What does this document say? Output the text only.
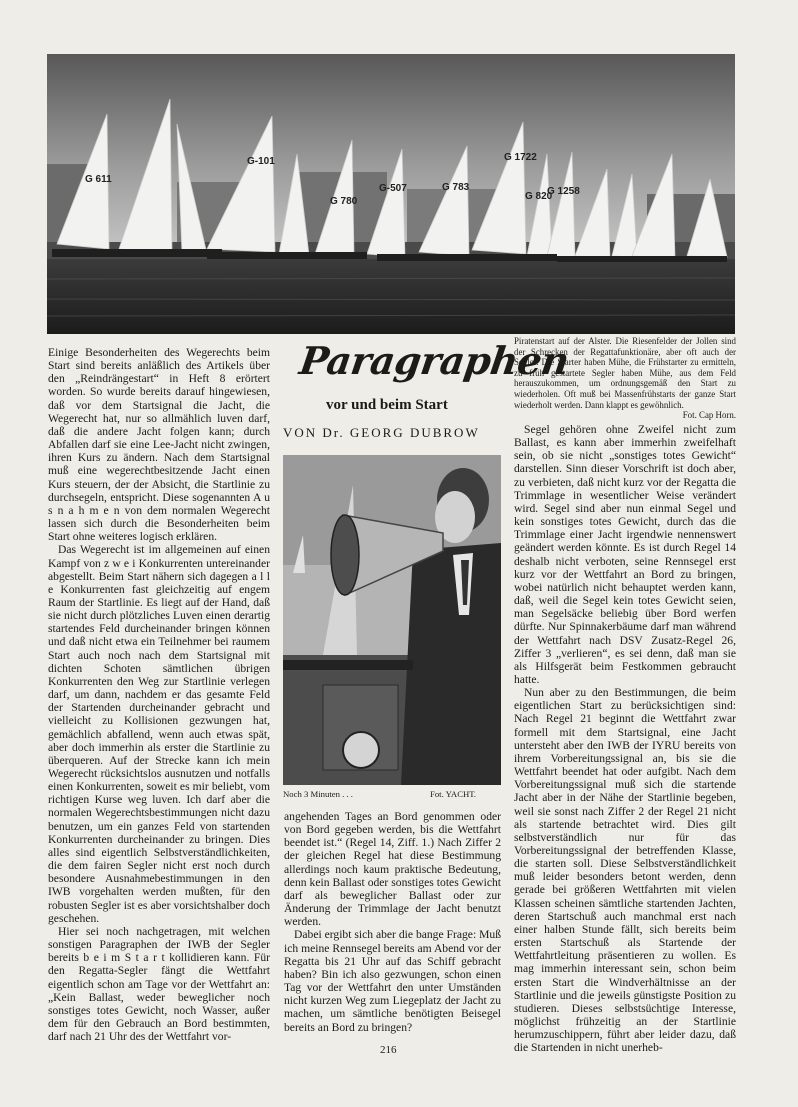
G 611
G-101
G 780
G-507	G 783
G 1722
G 820
G 1258
Paragraphen
vor und beim Start
VON Dr. GEORG DUBROW
Piratenstart auf der Alster. Die Riesenfelder der Jollen sind der Schrecken der Regattafunktionäre, aber oft auch der Segler. Die Starter haben Mühe, die Frühstarter zu ermitteln, zu früh gestartete Segler haben Mühe, aus dem Feld herauszukommen, um ordnungsgemäß den Start zu wiederholen. Oft muß bei Massenfrühstarts der ganze Start wiederholt werden. Dann klappt es gewöhnlich.
Fot. Cap Horn.
Noch 3 Minuten . . .	Fot. YACHT.

Einige Besonderheiten des Wegerechts beim Start sind bereits anläßlich des Artikels über den „Reindrängestart“ in Heft 8 erörtert worden. So wurde bereits darauf hingewiesen, daß vor dem Startsignal die Jacht, die Wegerecht hat, nur so allmählich luven darf, daß die andere Jacht folgen kann; durch Abfallen darf sie eine Lee-Jacht nicht zwingen, ihren Kurs zu ändern. Nach dem Startsignal muß eine wegerechtbesitzende Jacht einen Kurs steuern, der der Absicht, die Startlinie zu durchsegeln, entspricht. Diese sogenannten A u s n a h m e n von dem normalen Wegerecht lassen sich durch die Besonderheiten beim Start ohne weiteres logisch erklären.

Das Wegerecht ist im allgemeinen auf einen Kampf von z w e i Konkurrenten untereinander abgestellt. Beim Start nähern sich dagegen a l l e Konkurrenten fast gleichzeitig auf engem Raum der Startlinie. Es liegt auf der Hand, daß sie nicht durch plötzliches Luven einen derartig startendes Feld durcheinander bringen können und daß nicht etwa ein Teilnehmer bei raumem Start auch noch nach dem Startsignal mit dichten Schoten sämtlichen übrigen Konkurrenten den Weg zur Startlinie verlegen darf, um dann, nachdem er das gesamte Feld der Startenden durcheinander gebracht und vielleicht zu Kollisionen gezwungen hat, gemächlich abfallend, wenn auch etwas spät, aber doch immerhin als erster die Startlinie zu überqueren. Auf der Strecke kann ich mein Wegerecht rücksichtslos ausnutzen und notfalls einen Konkurrenten, soweit es mir beliebt, vom richtigen Kurse weg luven. Ich darf aber die normalen Wegerechtsbestimmungen nicht dazu benutzen, um ein ganzes Feld von startenden Konkurrenten durcheinander zu bringen. Dies alles sind eigentlich Selbstverständlichkeiten, die dem fairen Segler nicht erst noch durch besondere Ausnahmebestimmungen in den IWB vorgehalten werden mußten, für den robusten Segler ist es aber vorsichtshalber doch geschehen.

Hier sei noch nachgetragen, mit welchen sonstigen Paragraphen der IWB der Segler bereits b e i m S t a r t kollidieren kann. Für den Regatta-Segler fängt die Wettfahrt eigentlich schon am Tage vor der Wettfahrt an: „Kein Ballast, weder beweglicher noch sonstiges totes Gewicht, noch Wasser, außer dem für den Gebrauch an Bord bestimmten, darf nach 21 Uhr des der Wettfahrt vor-

angehenden Tages an Bord genommen oder von Bord gegeben werden, bis die Wettfahrt beendet ist.“ (Regel 14, Ziff. 1.) Nach Ziffer 2 der gleichen Regel hat diese Bestimmung allerdings noch kaum praktische Bedeutung, denn kein Ballast oder sonstiges totes Gewicht darf als beweglicher Ballast oder zur Änderung der Trimmlage der Jacht benutzt werden.

Dabei ergibt sich aber die bange Frage: Muß ich meine Rennsegel bereits am Abend vor der Regatta bis 21 Uhr auf das Schiff gebracht haben? Bin ich also gezwungen, schon einen Tag vor der Wettfahrt den unter Umständen nicht kurzen Weg zum Liegeplatz der Jacht zu machen, um sämtliche benötigten Beisegel bereits an Bord zu bringen?

Segel gehören ohne Zweifel nicht zum Ballast, es kann aber immerhin zweifelhaft sein, ob sie nicht „sonstiges totes Gewicht“ darstellen. Sinn dieser Vorschrift ist doch aber, zu verbieten, daß nicht kurz vor der Regatta die Trimmlage in wesentlicher Weise verändert wird. Segel sind aber nun einmal Segel und kein sonstiges totes Gewicht, durch das die Trimmlage einer Jacht irgendwie nennenswert geändert werden könnte. Es ist durch Regel 14 deshalb nicht verboten, seine Rennsegel erst kurz vor der Wettfahrt an Bord zu bringen, wobei natürlich nicht behauptet werden kann, daß, weil die Segel kein totes Gewicht seien, man Segelsäcke beliebig über Bord werfen dürfte. Nur Spinnakerbäume darf man während der Wettfahrt nach DSV Zusatz-Regel 26, Ziffer 3 „verlieren“, es sei denn, daß man sie als Hilfsgerät beim Festkommen gebraucht hatte.

Nun aber zu den Bestimmungen, die beim eigentlichen Start zu berücksichtigen sind: Nach Regel 21 beginnt die Wettfahrt zwar formell mit dem Startsignal, eine Jacht untersteht aber den IWB der IYRU bereits von ihrem Vorbereitungssignal an, bis sie die Wettfahrt beendet hat oder aufgibt. Nach dem Vorbereitungssignal muß sich die startende Jacht aber in der Nähe der Startlinie begeben, weil sie sonst nach Ziffer 2 der Regel 21 nicht als startende betrachtet wird. Dies gilt selbstverständlich nur für das Vorbereitungssignal der betreffenden Klasse, die starten soll. Diese Selbstverständlichkeit muß leider besonders betont werden, denn gerade bei größeren Wettfahrten mit vielen Klassen scheinen sämtliche startenden Jachten, deren Startschuß auch manchmal erst nach einer halben Stunde fällt, sich bereits beim ersten Startschuß als Startende der Wettfahrtleitung präsentieren zu wollen. Es mag immerhin interessant sein, schon beim ersten Start die Windverhältnisse an der Startlinie und die jeweils günstigste Position zu studieren. Dieses selbstsüchtige Interesse, möglichst frühzeitig an der Startlinie herumzuschippern, führt aber leider dazu, daß die Startenden in nicht unerheb-

216
